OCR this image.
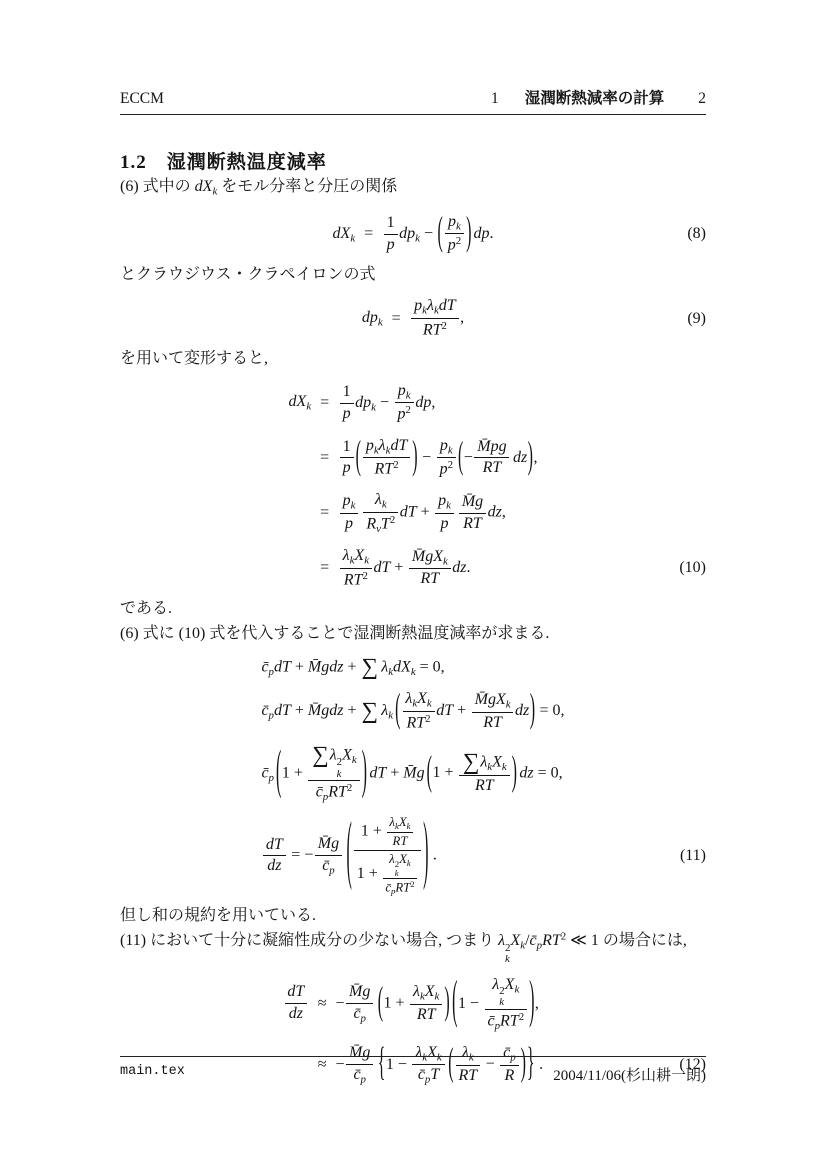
ECCM	1 湿潤断熱減率の計算 2
1.2 湿潤断熱温度減率

(6) 式中の $dX_k$ をモル分率と分圧の関係

$dX_k$	=	$\frac{1}{p} dp_k$ − ( $\frac{p_k}{p^2}$ ) dp.	(8)

とクラウジウス・クラペイロンの式

$dp_k$	=	$\frac{p_k\lambda_kdT}{RT^2}$ ,	(9)

を用いて変形すると,

$dX_k$	=	$\frac{1}{p} dp_k - \frac{p_k}{p^2}$ dp,
	=	$\frac{1}{p}$ ( $\frac{p_k\lambda_kdT}{RT^2}$ ) − $\frac{p_k}{p^2}$ ( − $\frac{M̄pg}{RT}$ dz ) ,
	=	$\frac{p_k}{p} \frac{\lambda_k}{R_vT^2}$ dT + $\frac{p_k}{p} \frac{M̄g}{RT}$ dz,
	=	$\frac{\lambda_kX_k}{RT^2}$ dT + $\frac{M̄gX_k}{RT}$ dz.	(10)

である.

(6) 式に (10) 式を代入することで湿潤断熱温度減率が求まる.

$c̄_pdT$ + M̄gdz + ∑ $\lambda_kdX_k = 0$,
$c̄_pdT$ + M̄gdz + ∑ $\lambda_k$ ( $\frac{\lambda_kX_k}{RT^2}$ dT + $\frac{M̄gX_k}{RT}$ dz ) = 0,
$c̄_p$ ( 1 + ∑λ 2
k
$X_k$
$c̄_pRT^2$ ) dT + M̄g ( $1 + \frac{\sum\lambda_kX_k}{RT}$ ) dz = 0,

$\frac{dT}{dz}$ = − $\frac{M̄g}{c̄_p}$ ( $1 + \frac{\lambda_kX_k}{RT}$
1 + λ 2
k
$X_k$
$c̄_pRT^2$ ) .	(11)

但し和の規約を用いている.

(11) において十分に凝縮性成分の少ない場合, つまり λ 2
k
$X_k/c̄_pRT^2$ ≪ 1 の場合には,

$\frac{dT}{dz}$	≈	− $\frac{M̄g}{c̄_p}$ ( $1 + \frac{\lambda_kX_k}{RT}$ ) ( 1 − λ 2
k
$X_k$
$c̄_pRT^2$ ) ,
	≈	− $\frac{M̄g}{c̄_p}$ { $1 - \frac{\lambda_kX_k}{c̄_pT}$ ( $\frac{\lambda_k}{RT} - \frac{c̄_p}{R}$ ) } .	(12)
main.tex	2004/11/06(杉山耕一朗)
